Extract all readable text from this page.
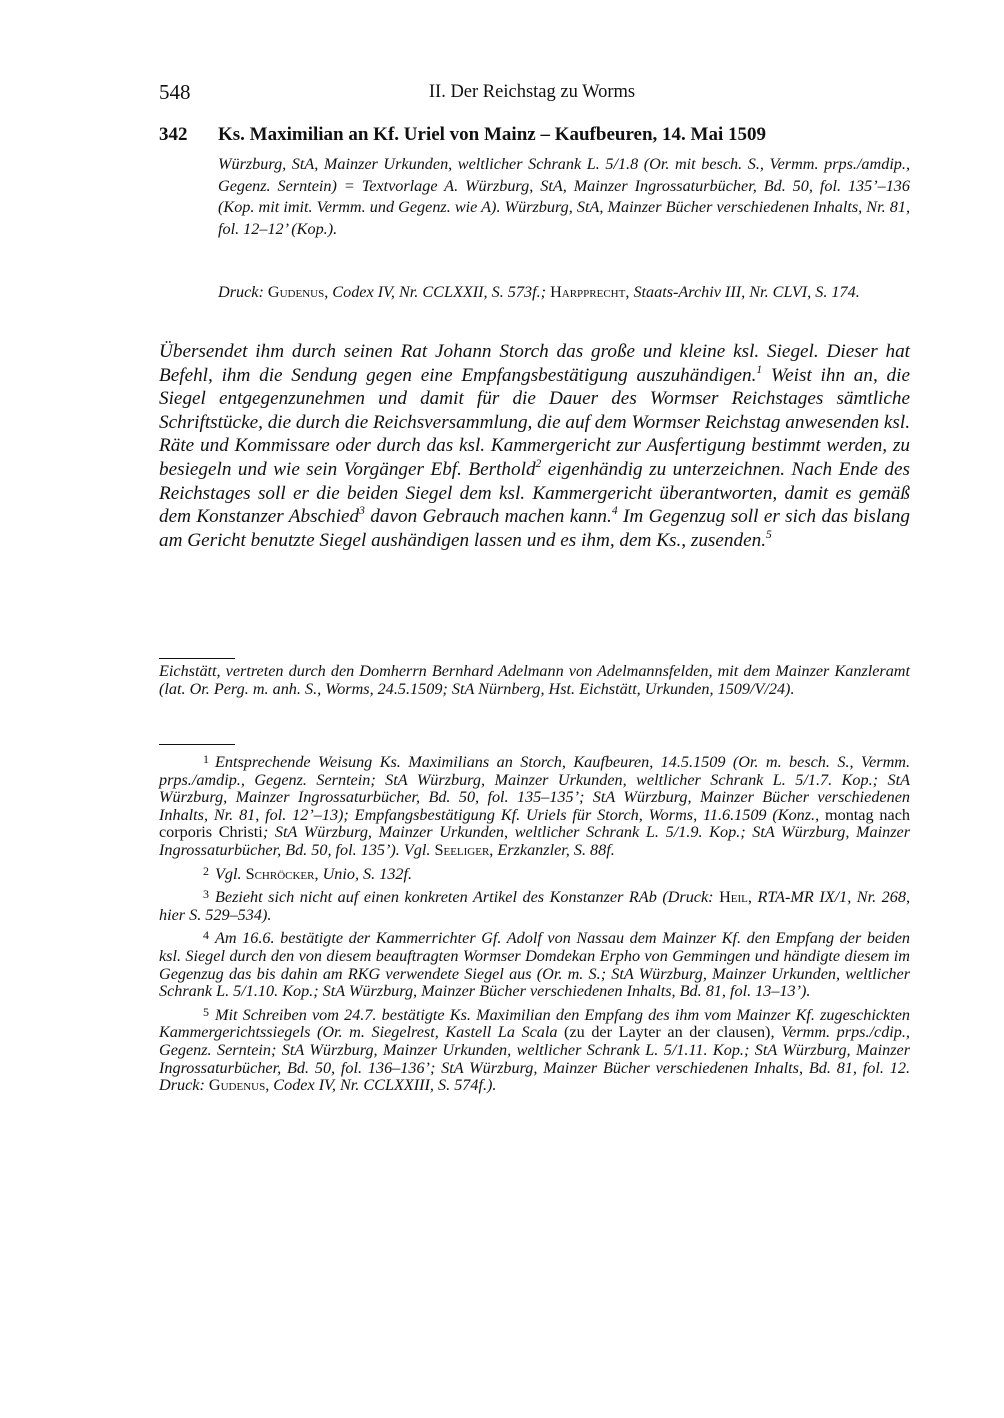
548	II. Der Reichstag zu Worms
342 Ks. Maximilian an Kf. Uriel von Mainz – Kaufbeuren, 14. Mai 1509
Würzburg, StA, Mainzer Urkunden, weltlicher Schrank L. 5/1.8 (Or. mit besch. S., Vermm. prps./amdip., Gegenz. Serntein) = Textvorlage A. Würzburg, StA, Mainzer Ingrossaturbücher, Bd. 50, fol. 135’–136 (Kop. mit imit. Vermm. und Gegenz. wie A). Würzburg, StA, Mainzer Bücher verschiedenen Inhalts, Nr. 81, fol. 12–12’ (Kop.).
Druck: Gudenus, Codex IV, Nr. CCLXXII, S. 573f.; Harpprecht, Staats-Archiv III, Nr. CLVI, S. 174.
Übersendet ihm durch seinen Rat Johann Storch das große und kleine ksl. Siegel. Dieser hat Befehl, ihm die Sendung gegen eine Empfangsbestätigung auszuhändigen.$^1$ Weist ihn an, die Siegel entgegenzunehmen und damit für die Dauer des Wormser Reichstages sämtliche Schriftstücke, die durch die Reichsversammlung, die auf dem Wormser Reichstag anwesenden ksl. Räte und Kommissare oder durch das ksl. Kammergericht zur Ausfertigung bestimmt werden, zu besiegeln und wie sein Vorgänger Ebf. Berthold$^2$ eigenhändig zu unterzeichnen. Nach Ende des Reichstages soll er die beiden Siegel dem ksl. Kammergericht überantworten, damit es gemäß dem Konstanzer Abschied$^3$ davon Gebrauch machen kann.$^4$ Im Gegenzug soll er sich das bislang am Gericht benutzte Siegel aushändigen lassen und es ihm, dem Ks., zusenden.$^5$
Eichstätt, vertreten durch den Domherrn Bernhard Adelmann von Adelmannsfelden, mit dem Mainzer Kanzleramt (lat. Or. Perg. m. anh. S., Worms, 24.5.1509; StA Nürnberg, Hst. Eichstätt, Urkunden, 1509/V/24).
$^1$ Entsprechende Weisung Ks. Maximilians an Storch, Kaufbeuren, 14.5.1509 (Or. m. besch. S., Vermm. prps./amdip., Gegenz. Serntein; StA Würzburg, Mainzer Urkunden, weltlicher Schrank L. 5/1.7. Kop.; StA Würzburg, Mainzer Ingrossaturbücher, Bd. 50, fol. 135–135’; StA Würzburg, Mainzer Bücher verschiedenen Inhalts, Nr. 81, fol. 12’–13); Empfangsbestätigung Kf. Uriels für Storch, Worms, 11.6.1509 (Konz., montag nach corporis Christi; StA Würzburg, Mainzer Urkunden, weltlicher Schrank L. 5/1.9. Kop.; StA Würzburg, Mainzer Ingrossaturbücher, Bd. 50, fol. 135’). Vgl. Seeliger, Erzkanzler, S. 88f.
$^2$ Vgl. Schröcker, Unio, S. 132f.
$^3$ Bezieht sich nicht auf einen konkreten Artikel des Konstanzer RAb (Druck: Heil, RTA-MR IX/1, Nr. 268, hier S. 529–534).
$^4$ Am 16.6. bestätigte der Kammerrichter Gf. Adolf von Nassau dem Mainzer Kf. den Empfang der beiden ksl. Siegel durch den von diesem beauftragten Wormser Domdekan Erpho von Gemmingen und händigte diesem im Gegenzug das bis dahin am RKG verwendete Siegel aus (Or. m. S.; StA Würzburg, Mainzer Urkunden, weltlicher Schrank L. 5/1.10. Kop.; StA Würzburg, Mainzer Bücher verschiedenen Inhalts, Bd. 81, fol. 13–13’).
$^5$ Mit Schreiben vom 24.7. bestätigte Ks. Maximilian den Empfang des ihm vom Mainzer Kf. zugeschickten Kammergerichtssiegels (Or. m. Siegelrest, Kastell La Scala (zu der Layter an der clausen), Vermm. prps./cdip., Gegenz. Serntein; StA Würzburg, Mainzer Urkunden, weltlicher Schrank L. 5/1.11. Kop.; StA Würzburg, Mainzer Ingrossaturbücher, Bd. 50, fol. 136–136’; StA Würzburg, Mainzer Bücher verschiedenen Inhalts, Bd. 81, fol. 12. Druck: Gudenus, Codex IV, Nr. CCLXXIII, S. 574f.).
